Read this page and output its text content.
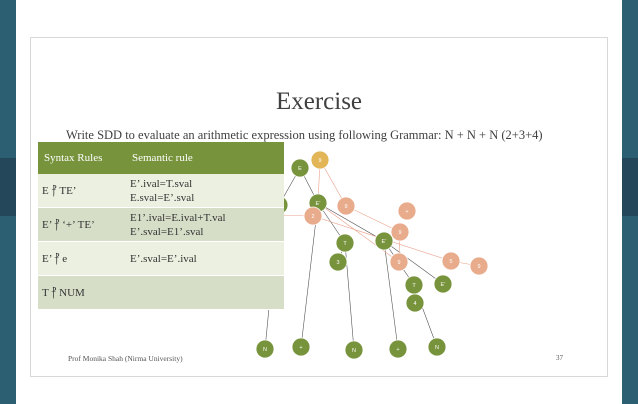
E
9
E’
2
9
+
T	E’
9
5
3
9
9
T	E’
4
N	+	N	+	N
Exercise
Write SDD to evaluate an arithmetic expression using following Grammar: N + N + N (2+3+4)
Syntax Rules	Semantic rule
E ⳨ TE’	E’.ival=T.sval
E.sval=E’.sval

E’ ⳨ ‘+’ TE’	E1’.ival=E.ival+T.val
E’.sval=E1’.sval

E’ ⳨ e	E’.sval=E’.ival

T ⳨ NUM	
Prof Monika Shah (Nirma University)	37
